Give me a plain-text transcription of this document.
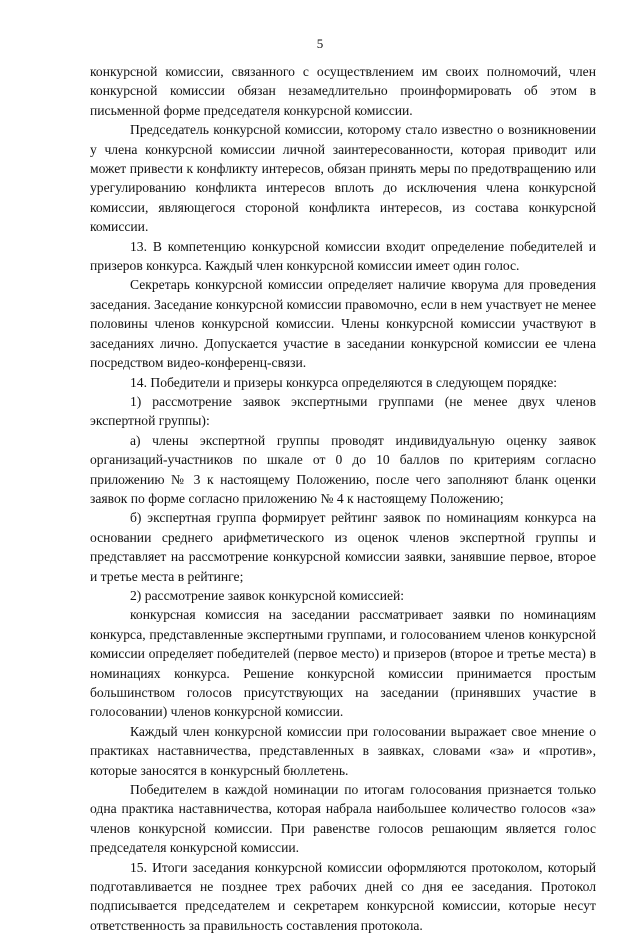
5

конкурсной комиссии, связанного с осуществлением им своих полномочий, член конкурсной комиссии обязан незамедлительно проинформировать об этом в письменной форме председателя конкурсной комиссии.

Председатель конкурсной комиссии, которому стало известно о возникновении у члена конкурсной комиссии личной заинтересованности, которая приводит или может привести к конфликту интересов, обязан принять меры по предотвращению или урегулированию конфликта интересов вплоть до исключения члена конкурсной комиссии, являющегося стороной конфликта интересов, из состава конкурсной комиссии.

13. В компетенцию конкурсной комиссии входит определение победителей и призеров конкурса. Каждый член конкурсной комиссии имеет один голос.

Секретарь конкурсной комиссии определяет наличие кворума для проведения заседания. Заседание конкурсной комиссии правомочно, если в нем участвует не менее половины членов конкурсной комиссии. Члены конкурсной комиссии участвуют в заседаниях лично. Допускается участие в заседании конкурсной комиссии ее члена посредством видео-конференц-связи.

14. Победители и призеры конкурса определяются в следующем порядке:

1) рассмотрение заявок экспертными группами (не менее двух членов экспертной группы):

а) члены экспертной группы проводят индивидуальную оценку заявок организаций-участников по шкале от 0 до 10 баллов по критериям согласно приложению № 3 к настоящему Положению, после чего заполняют бланк оценки заявок по форме согласно приложению № 4 к настоящему Положению;

б) экспертная группа формирует рейтинг заявок по номинациям конкурса на основании среднего арифметического из оценок членов экспертной группы и представляет на рассмотрение конкурсной комиссии заявки, занявшие первое, второе и третье места в рейтинге;

2) рассмотрение заявок конкурсной комиссией:

конкурсная комиссия на заседании рассматривает заявки по номинациям конкурса, представленные экспертными группами, и голосованием членов конкурсной комиссии определяет победителей (первое место) и призеров (второе и третье места) в номинациях конкурса. Решение конкурсной комиссии принимается простым большинством голосов присутствующих на заседании (принявших участие в голосовании) членов конкурсной комиссии.

Каждый член конкурсной комиссии при голосовании выражает свое мнение о практиках наставничества, представленных в заявках, словами «за» и «против», которые заносятся в конкурсный бюллетень.

Победителем в каждой номинации по итогам голосования признается только одна практика наставничества, которая набрала наибольшее количество голосов «за» членов конкурсной комиссии. При равенстве голосов решающим является голос председателя конкурсной комиссии.

15. Итоги заседания конкурсной комиссии оформляются протоколом, который подготавливается не позднее трех рабочих дней со дня ее заседания. Протокол подписывается председателем и секретарем конкурсной комиссии, которые несут ответственность за правильность составления протокола.
